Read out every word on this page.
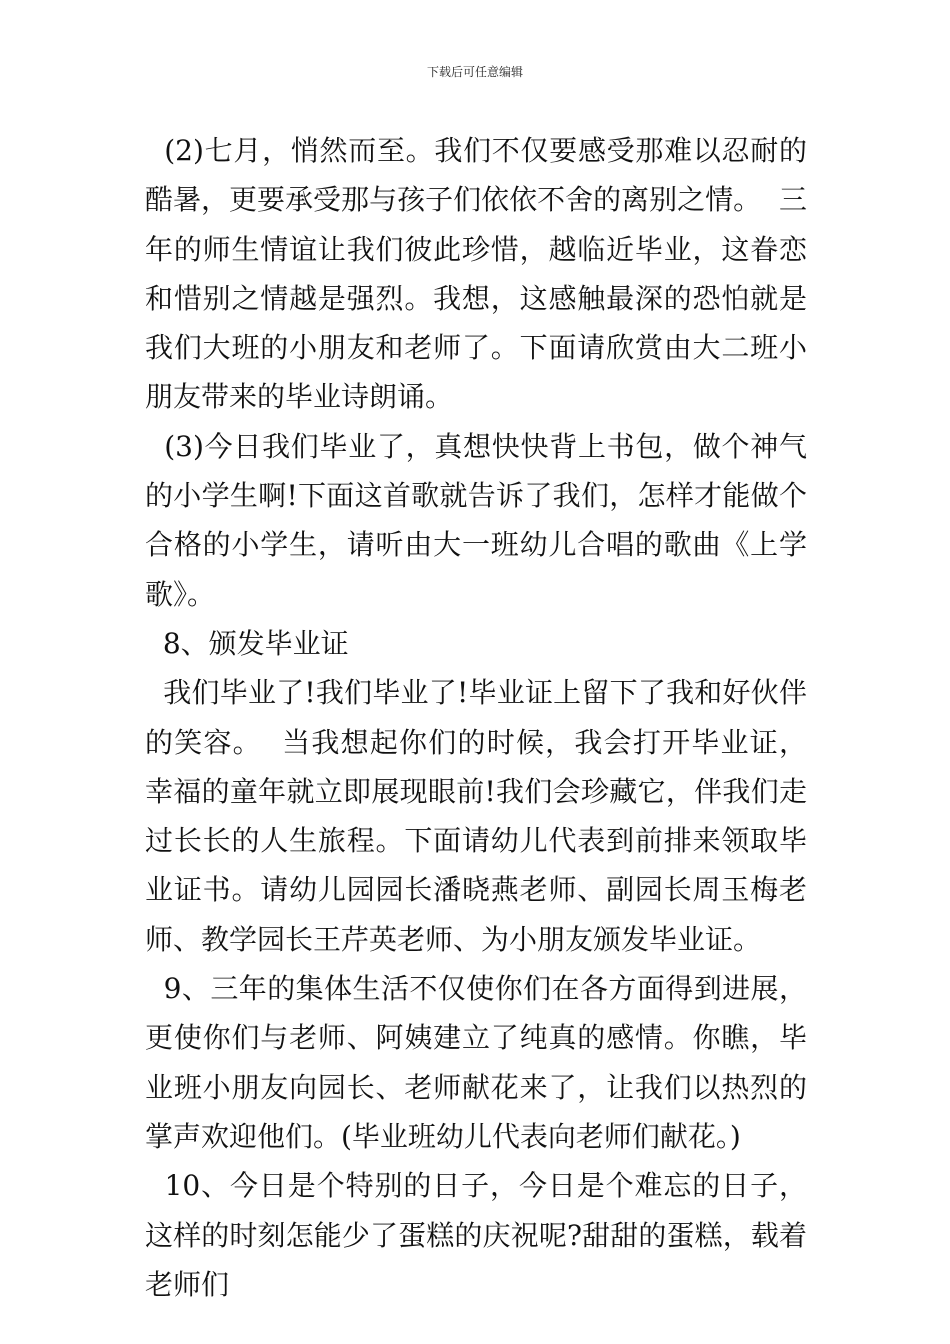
下载后可任意编辑

(2)七月，悄然而至。我们不仅要感受那难以忍耐的酷暑，更要承受那与孩子们依依不舍的离别之情。  三年的师生情谊让我们彼此珍惜，越临近毕业，这眷恋和惜别之情越是强烈。我想，这感触最深的恐怕就是我们大班的小朋友和老师了。下面请欣赏由大二班小朋友带来的毕业诗朗诵。

(3)今日我们毕业了，真想快快背上书包，做个神气的小学生啊!下面这首歌就告诉了我们，怎样才能做个合格的小学生，请听由大一班幼儿合唱的歌曲《上学歌》。

8、颁发毕业证

我们毕业了!我们毕业了!毕业证上留下了我和好伙伴的笑容。  当我想起你们的时候，我会打开毕业证，  幸福的童年就立即展现眼前!我们会珍藏它，伴我们走过长长的人生旅程。下面请幼儿代表到前排来领取毕业证书。请幼儿园园长潘晓燕老师、副园长周玉梅老师、教学园长王芹英老师、为小朋友颁发毕业证。

9、三年的集体生活不仅使你们在各方面得到进展，更使你们与老师、阿姨建立了纯真的感情。你瞧，毕业班小朋友向园长、老师献花来了，让我们以热烈的掌声欢迎他们。(毕业班幼儿代表向老师们献花。)

10、今日是个特别的日子，今日是个难忘的日子，这样的时刻怎能少了蛋糕的庆祝呢?甜甜的蛋糕，载着老师们
